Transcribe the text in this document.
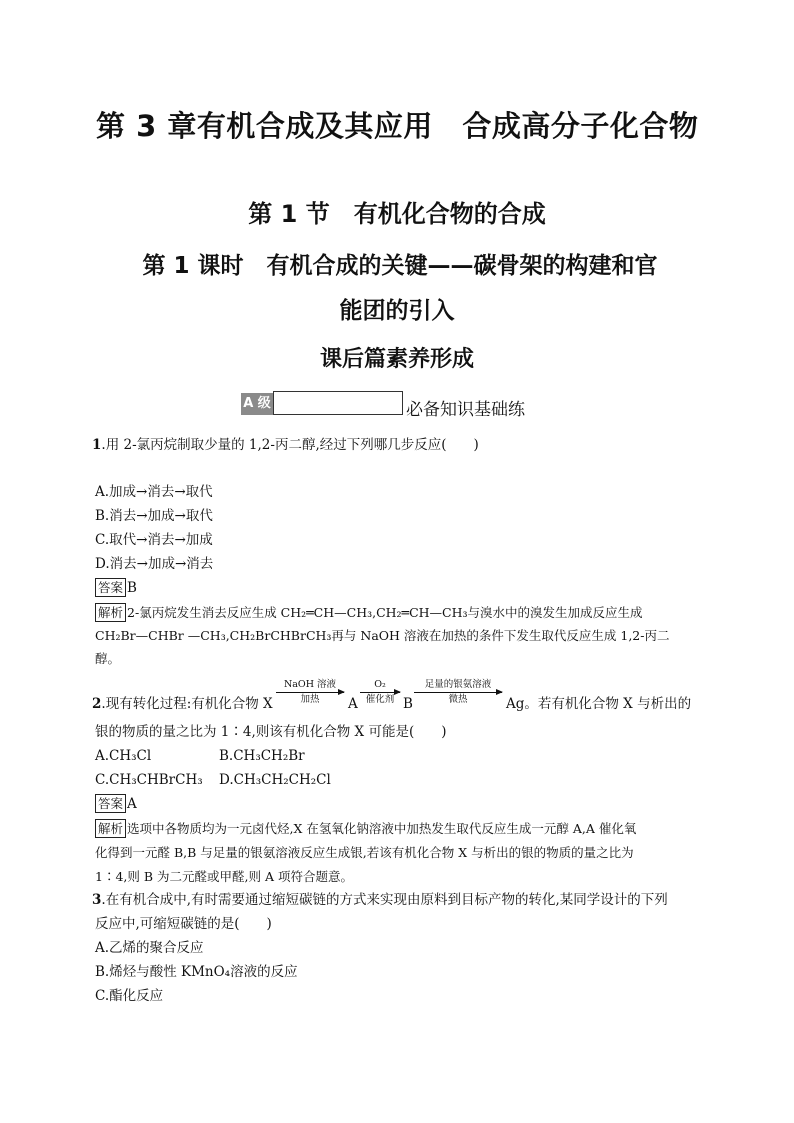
第 3 章有机合成及其应用　合成高分子化合物
第 1 节　有机化合物的合成
第 1 课时　有机合成的关键——碳骨架的构建和官
能团的引入
课后篇素养形成
A 级	必备知识基础练
1.用 2-氯丙烷制取少量的 1,2-丙二醇,经过下列哪几步反应(　　)
A.加成→消去→取代
B.消去→加成→取代
C.取代→消去→加成
D.消去→加成→消去
答案 B
解析 2-氯丙烷发生消去反应生成 CH₂═CH—CH₃,CH₂═CH—CH₃与溴水中的溴发生加成反应生成
CH₂Br—CHBr —CH₃,CH₂BrCHBrCH₃再与 NaOH 溶液在加热的条件下发生取代反应生成 1,2-丙二
醇。
2.现有转化过程:有机化合物 X
NaOH 溶液
加热	A
O₂
催化剂 B
足量的银氨溶液
微热	Ag。若有机化合物 X 与析出的
银的物质的量之比为 1∶4,则该有机化合物 X 可能是(　　)
A.CH₃Cl	B.CH₃CH₂Br
C.CH₃CHBrCH₃ D.CH₃CH₂CH₂Cl
答案 A
解析 选项中各物质均为一元卤代烃,X 在氢氧化钠溶液中加热发生取代反应生成一元醇 A,A 催化氧
化得到一元醛 B,B 与足量的银氨溶液反应生成银,若该有机化合物 X 与析出的银的物质的量之比为
1∶4,则 B 为二元醛或甲醛,则 A 项符合题意。
3.在有机合成中,有时需要通过缩短碳链的方式来实现由原料到目标产物的转化,某同学设计的下列
反应中,可缩短碳链的是(　　)
A.乙烯的聚合反应
B.烯烃与酸性 KMnO₄溶液的反应
C.酯化反应
